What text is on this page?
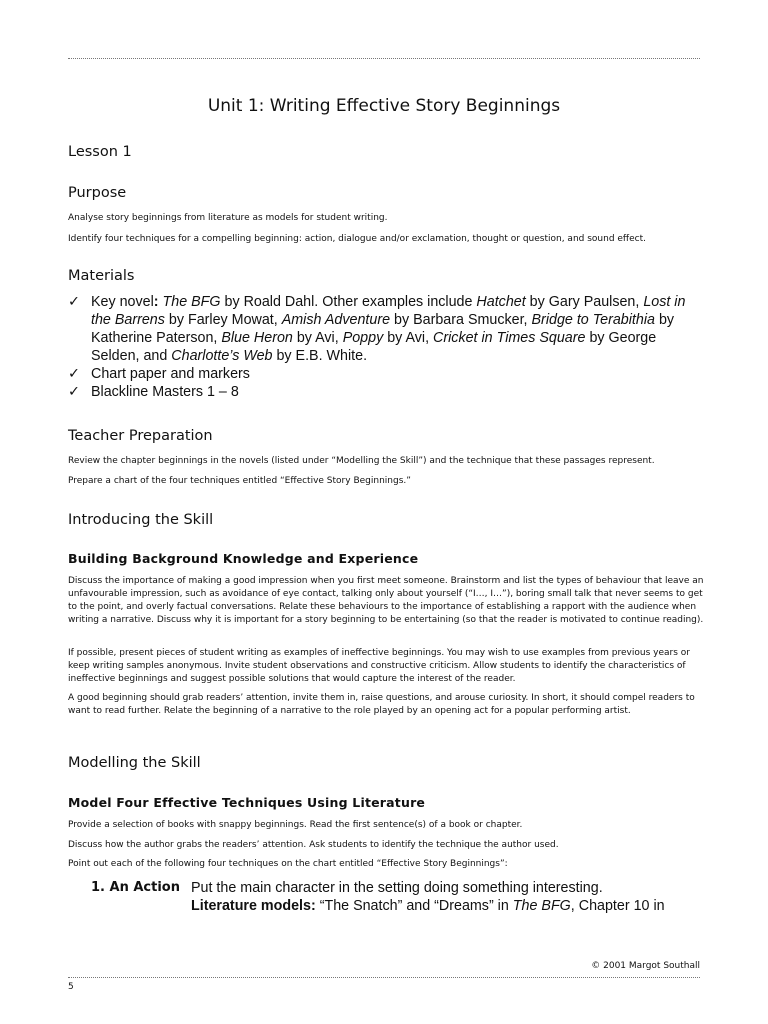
Unit 1: Writing Effective Story Beginnings
Lesson 1
Purpose
Analyse story beginnings from literature as models for student writing.
Identify four techniques for a compelling beginning: action, dialogue and/or exclamation, thought or question, and sound effect.
Materials
✓ Key novel: The BFG by Roald Dahl. Other examples include Hatchet by Gary Paulsen, Lost in the Barrens by Farley Mowat, Amish Adventure by Barbara Smucker, Bridge to Terabithia by Katherine Paterson, Blue Heron by Avi, Poppy by Avi, Cricket in Times Square by George Selden, and Charlotte’s Web by E.B. White.
✓ Chart paper and markers
✓ Blackline Masters 1 – 8
Teacher Preparation
Review the chapter beginnings in the novels (listed under “Modelling the Skill”) and the technique that these passages represent.
Prepare a chart of the four techniques entitled “Effective Story Beginnings.”
Introducing the Skill
Building Background Knowledge and Experience
Discuss the importance of making a good impression when you first meet someone. Brainstorm and list the types of behaviour that leave an unfavourable impression, such as avoidance of eye contact, talking only about yourself (“I…, I…”), boring small talk that never seems to get to the point, and overly factual conversations. Relate these behaviours to the importance of establishing a rapport with the audience when writing a narrative. Discuss why it is important for a story beginning to be entertaining (so that the reader is motivated to continue reading).
If possible, present pieces of student writing as examples of ineffective beginnings. You may wish to use examples from previous years or keep writing samples anonymous. Invite student observations and constructive criticism. Allow students to identify the characteristics of ineffective beginnings and suggest possible solutions that would capture the interest of the reader.
A good beginning should grab readers’ attention, invite them in, raise questions, and arouse curiosity. In short, it should compel readers to want to read further. Relate the beginning of a narrative to the role played by an opening act for a popular performing artist.
Modelling the Skill
Model Four Effective Techniques Using Literature
Provide a selection of books with snappy beginnings. Read the first sentence(s) of a book or chapter.
Discuss how the author grabs the readers’ attention. Ask students to identify the technique the author used.
Point out each of the following four techniques on the chart entitled “Effective Story Beginnings”:
1. An Action Put the main character in the setting doing something interesting.
Literature models: “The Snatch” and “Dreams” in The BFG, Chapter 10 in
© 2001 Margot Southall
5
